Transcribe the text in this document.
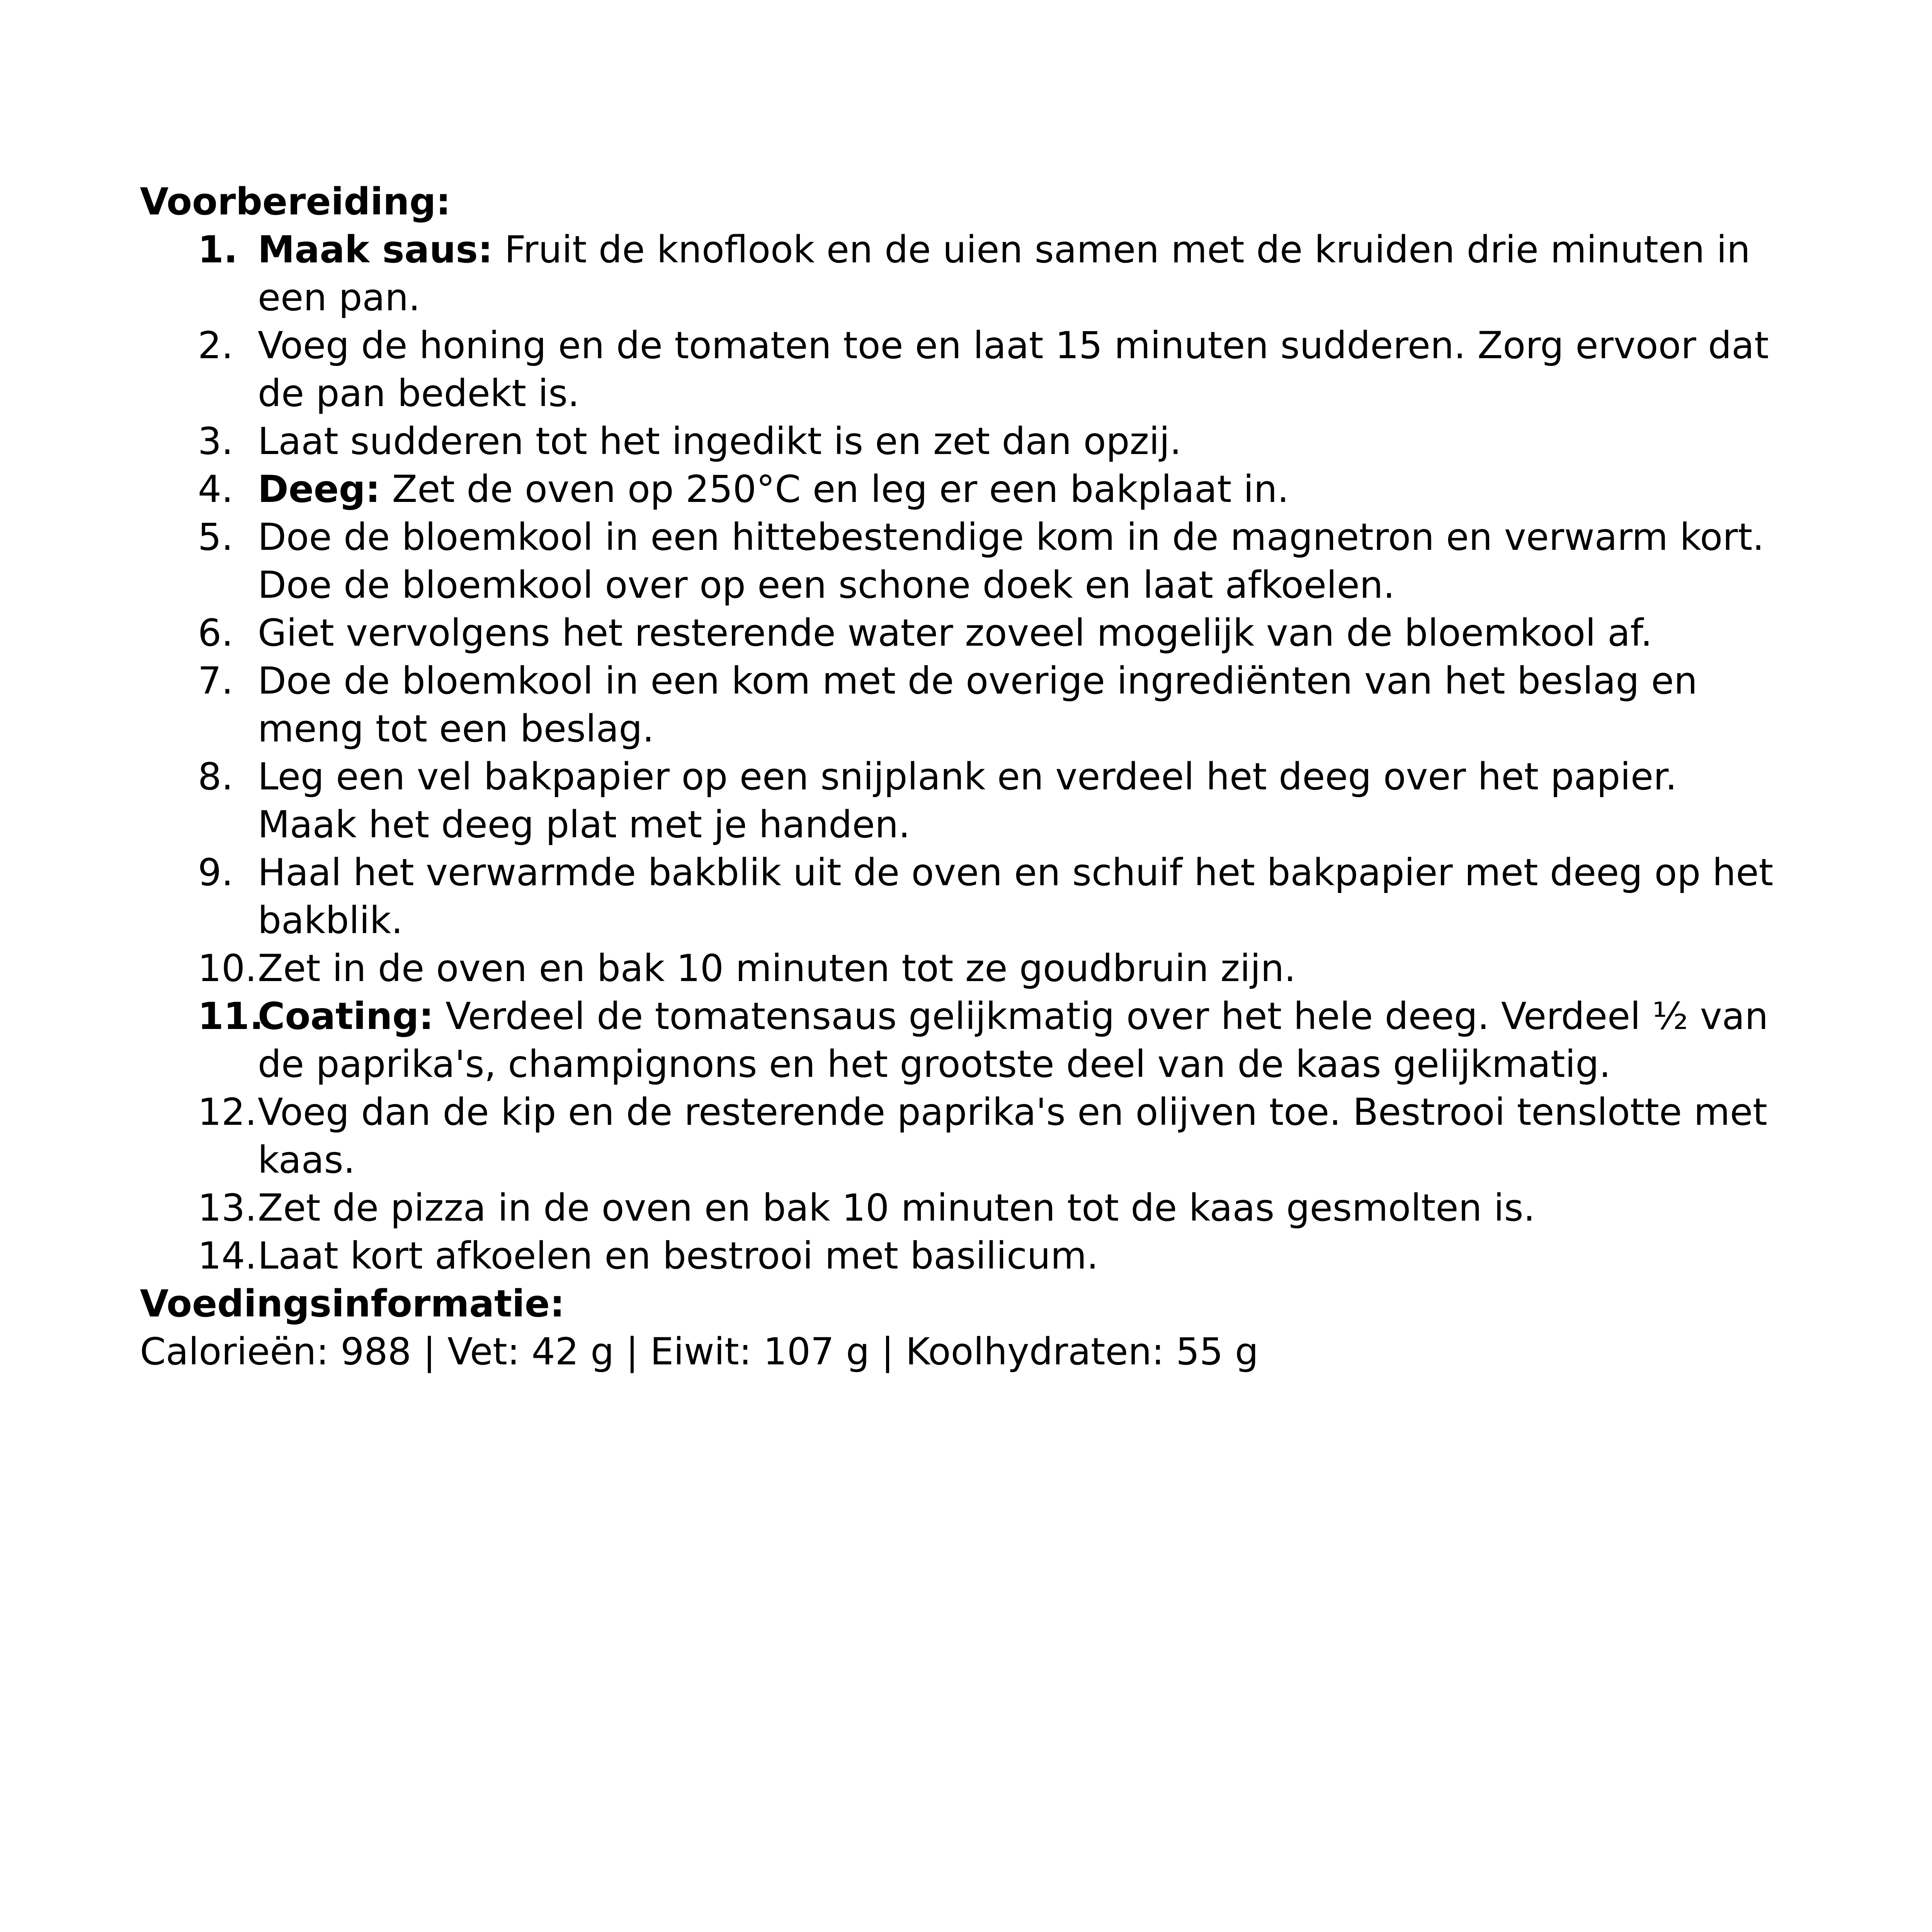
Voorbereiding:

1. Maak saus: Fruit de knoflook en de uien samen met de kruiden drie minuten in een pan.
2. Voeg de honing en de tomaten toe en laat 15 minuten sudderen. Zorg ervoor dat de pan bedekt is.
3. Laat sudderen tot het ingedikt is en zet dan opzij.
4. Deeg: Zet de oven op 250°C en leg er een bakplaat in.
5. Doe de bloemkool in een hittebestendige kom in de magnetron en verwarm kort. Doe de bloemkool over op een schone doek en laat afkoelen.
6. Giet vervolgens het resterende water zoveel mogelijk van de bloemkool af.
7. Doe de bloemkool in een kom met de overige ingrediënten van het beslag en meng tot een beslag.
8. Leg een vel bakpapier op een snijplank en verdeel het deeg over het papier. Maak het deeg plat met je handen.
9. Haal het verwarmde bakblik uit de oven en schuif het bakpapier met deeg op het bakblik.
10. Zet in de oven en bak 10 minuten tot ze goudbruin zijn.
11.
Coating: Verdeel de tomatensaus gelijkmatig over het hele deeg. Verdeel ½ van de paprika's, champignons en het grootste deel van de kaas gelijkmatig.
12. Voeg dan de kip en de resterende paprika's en olijven toe. Bestrooi tenslotte met kaas.
13. Zet de pizza in de oven en bak 10 minuten tot de kaas gesmolten is.
14. Laat kort afkoelen en bestrooi met basilicum.

Voedingsinformatie:

Calorieën: 988 | Vet: 42 g | Eiwit: 107 g | Koolhydraten: 55 g
